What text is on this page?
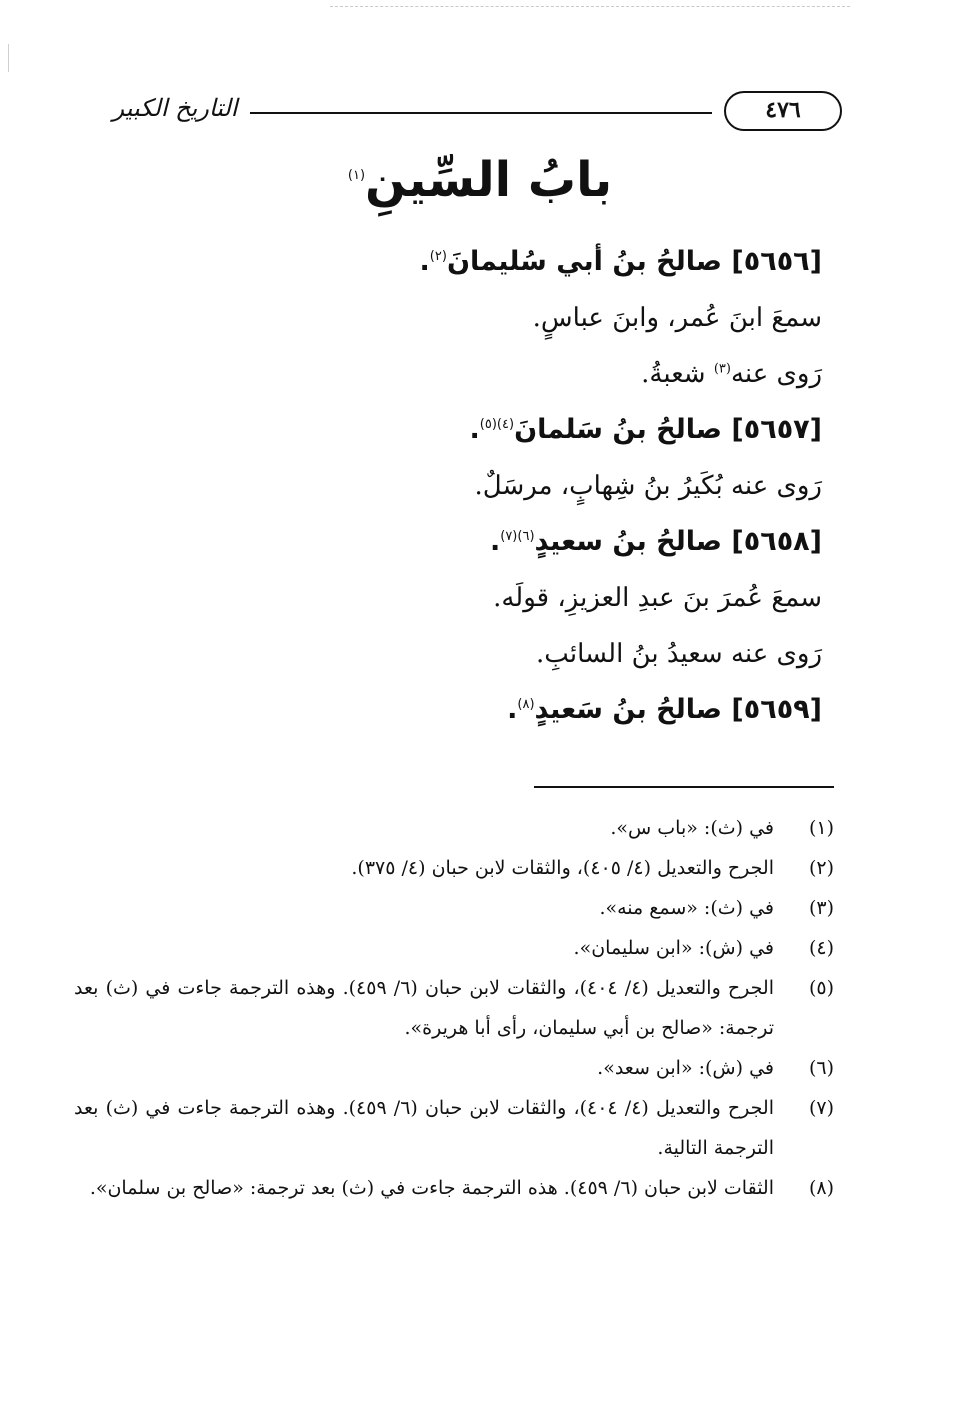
التاريخ الكبير	٤٧٦
بابُ السِّينِ$^{(١)}$
[٥٦٥٦] صالحُ بنُ أبي سُليمانَ$^{(٢)}$.
سمعَ ابنَ عُمر، وابنَ عباسٍ.
رَوى عنه$^{(٣)}$ شعبةُ.
[٥٦٥٧] صالحُ بنُ سَلمانَ$^{(٤)(٥)}$.
رَوى عنه بُكَيرُ بنُ شِهابٍ، مرسَلٌ.
[٥٦٥٨] صالحُ بنُ سعيدٍ$^{(٦)(٧)}$.
سمعَ عُمرَ بنَ عبدِ العزيزِ، قولَه.
رَوى عنه سعيدُ بنُ السائبِ.
[٥٦٥٩] صالحُ بنُ سَعيدٍ$^{(٨)}$.
(١)
في (ث): «باب س».
(٢)
الجرح والتعديل (٤/ ٤٠٥)، والثقات لابن حبان (٤/ ٣٧٥).
(٣)
في (ث): «سمع منه».
(٤)
في (ش): «ابن سليمان».
(٥)
الجرح والتعديل (٤/ ٤٠٤)، والثقات لابن حبان (٦/ ٤٥٩). وهذه الترجمة جاءت في (ث) بعد ترجمة: «صالح بن أبي سليمان، رأى أبا هريرة».
(٦)
في (ش): «ابن سعد».
(٧)
الجرح والتعديل (٤/ ٤٠٤)، والثقات لابن حبان (٦/ ٤٥٩). وهذه الترجمة جاءت في (ث) بعد الترجمة التالية.
(٨)
الثقات لابن حبان (٦/ ٤٥٩). هذه الترجمة جاءت في (ث) بعد ترجمة: «صالح بن سلمان».
